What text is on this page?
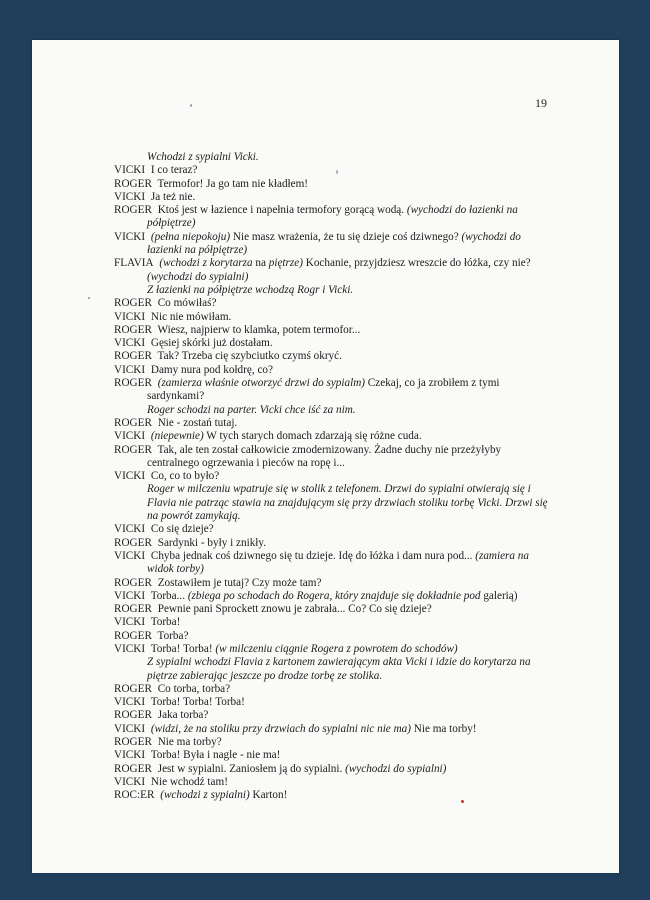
19

Wchodzi z sypialni Vicki.

VICKI I co teraz?

ROGER Termofor! Ja go tam nie kładłem!

VICKI Ja też nie.

ROGER Ktoś jest w łazience i napełnia termofory gorącą wodą. (wychodzi do łazienki na półpiętrze)

VICKI (pełna niepokoju) Nie masz wrażenia, że tu się dzieje coś dziwnego? (wychodzi do łazienki na półpiętrze)

FLAVIA (wchodzi z korytarza na piętrze) Kochanie, przyjdziesz wreszcie do łóżka, czy nie?

(wychodzi do sypialni)

Z łazienki na półpiętrze wchodzą Rogr i Vicki.

ROGER Co mówiłaś?

VICKI Nic nie mówiłam.

ROGER Wiesz, najpierw to klamka, potem termofor...

VICKI Gęsiej skórki już dostałam.

ROGER Tak? Trzeba cię szybciutko czymś okryć.

VICKI Damy nura pod kołdrę, co?

ROGER (zamierza właśnie otworzyć drzwi do sypialm) Czekaj, co ja zrobiłem z tymi sardynkami?

Roger schodzi na parter. Vicki chce iść za nim.

ROGER Nie - zostań tutaj.

VICKI (niepewnie) W tych starych domach zdarzają się różne cuda.

ROGER Tak, ale ten został całkowicie zmodernizowany. Żadne duchy nie przeżyłyby centralnego ogrzewania i pieców na ropę i...

VICKI Co, co to było?

Roger w milczeniu wpatruje się w stolik z telefonem. Drzwi do sypialni otwierają się i Flavia nie patrząc stawia na znajdującym się przy drzwiach stoliku torbę Vicki. Drzwi się na powrót zamykają.

VICKI Co się dzieje?

ROGER Sardynki - były i znikły.

VICKI Chyba jednak coś dziwnego się tu dzieje. Idę do łóżka i dam nura pod... (zamiera na widok torby)

ROGER Zostawiłem je tutaj? Czy może tam?

VICKI Torba... (zbiega po schodach do Rogera, który znajduje się dokładnie pod galerią)

ROGER Pewnie pani Sprockett znowu je zabrała... Co? Co się dzieje?

VICKI Torba!

ROGER Torba?

VICKI Torba! Torba! (w milczeniu ciągnie Rogera z powrotem do schodów)

Z sypialni wchodzi Flavia z kartonem zawierającym akta Vicki i idzie do korytarza na piętrze zabierając jeszcze po drodze torbę ze stolika.

ROGER Co torba, torba?

VICKI Torba! Torba! Torba!

ROGER Jaka torba?

VICKI (widzi, że na stoliku przy drzwiach do sypialni nic nie ma) Nie ma torby!

ROGER Nie ma torby?

VICKI Torba! Była i nagle - nie ma!

ROGER Jest w sypialni. Zaniosłem ją do sypialni. (wychodzi do sypialni)

VICKI Nie wchodź tam!

ROC:ER (wchodzi z sypialni) Karton!
